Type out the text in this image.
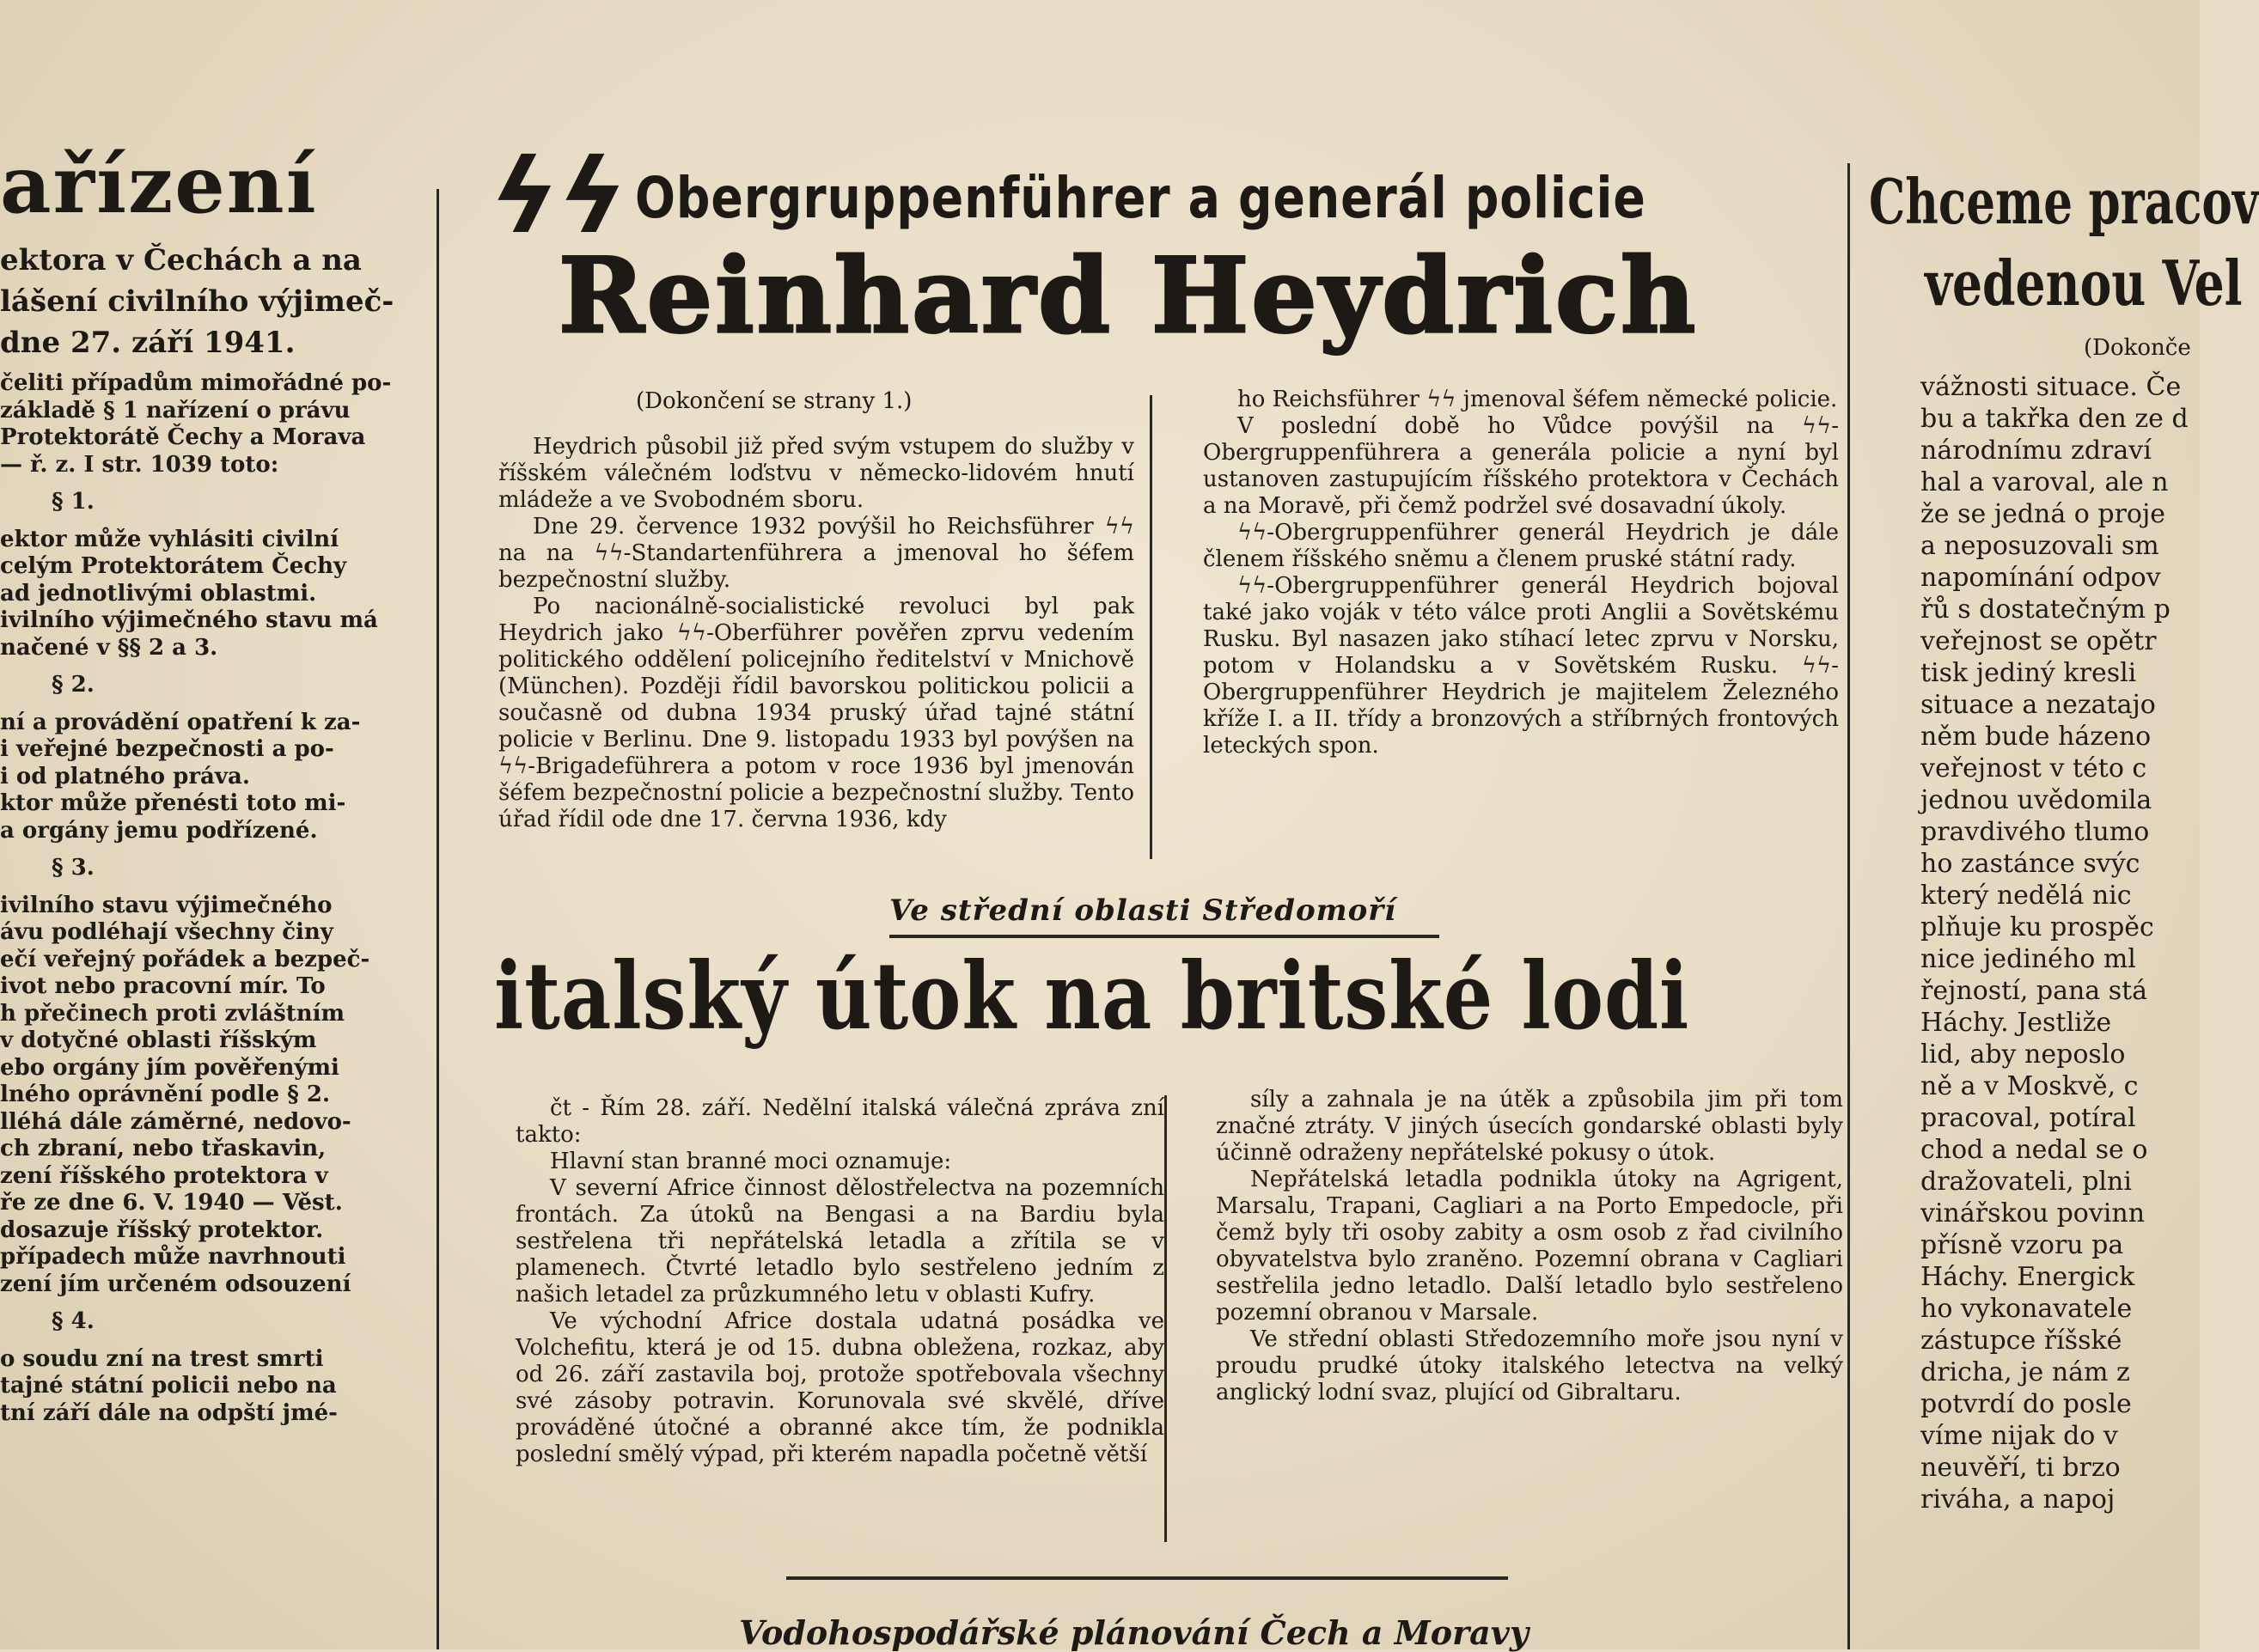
ařízení
ektora v Čechách a na
lášení civilního výjimeč-
dne 27. září 1941.
čeliti případům mimořádné po-
základě § 1 nařízení o právu
Protektorátě Čechy a Morava
— ř. z. I str. 1039 toto:
§ 1.
ektor může vyhlásiti civilní
celým Protektorátem Čechy
ad jednotlivými oblastmi.
ivilního výjimečného stavu má
načené v §§ 2 a 3.
§ 2.
ní a provádění opatření k za-
i veřejné bezpečnosti a po-
i od platného práva.
ktor může přenésti toto mi-
a orgány jemu podřízené.
§ 3.
ivilního stavu výjimečného
ávu podléhají všechny činy
ečí veřejný pořádek a bezpeč-
ivot nebo pracovní mír. To
h přečinech proti zvláštním
v dotyčné oblasti říšským
ebo orgány jím pověřenými
lného oprávnění podle § 2.
lléhá dále záměrné, nedovo-
ch zbraní, nebo třaskavin,
zení říšského protektora v
ře ze dne 6. V. 1940 — Věst.
dosazuje říšský protektor.
případech může navrhnouti
zení jím určeném odsouzení
§ 4.
o soudu zní na trest smrti
tajné státní policii nebo na
tní září dále na odpští jmé-
ϟϟ Obergruppenführer a generál policie
Reinhard Heydrich
(Dokončení se strany 1.)

Heydrich působil již před svým vstupem do služby v říšském válečném loďstvu v německo-lidovém hnutí mládeže a ve Svobodném sboru.

Dne 29. července 1932 povýšil ho Reichsführer ϟϟ na na ϟϟ-Standartenführera a jmenoval ho šéfem bezpečnostní služby.

Po nacionálně-socialistické revoluci byl pak Heydrich jako ϟϟ-Oberführer pověřen zprvu vedením politického oddělení policejního ředitelství v Mnichově (München). Později řídil bavorskou politickou policii a současně od dubna 1934 pruský úřad tajné státní policie v Berlinu. Dne 9. listopadu 1933 byl povýšen na ϟϟ-Brigadeführera a potom v roce 1936 byl jmenován šéfem bezpečnostní policie a bezpečnostní služby. Tento úřad řídil ode dne 17. června 1936, kdy

ho Reichsführer ϟϟ jmenoval šéfem německé policie.

V poslední době ho Vůdce povýšil na ϟϟ-Obergruppenführera a generála policie a nyní byl ustanoven zastupujícím říšského protektora v Čechách a na Moravě, při čemž podržel své dosavadní úkoly.

ϟϟ-Obergruppenführer generál Heydrich je dále členem říšského sněmu a členem pruské státní rady.

ϟϟ-Obergruppenführer generál Heydrich bojoval také jako voják v této válce proti Anglii a Sovětskému Rusku. Byl nasazen jako stíhací letec zprvu v Norsku, potom v Holandsku a v Sovětském Rusku. ϟϟ-Obergruppenführer Heydrich je majitelem Železného kříže I. a II. třídy a bronzových a stříbrných frontových leteckých spon.

Ve střední oblasti Středomoří
italský útok na britské lodi

čt - Řím 28. září. Nedělní italská válečná zpráva zní takto:

Hlavní stan branné moci oznamuje:

V severní Africe činnost dělostřelectva na pozemních frontách. Za útoků na Bengasi a na Bardiu byla sestřelena tři nepřátelská letadla a zřítila se v plamenech. Čtvrté letadlo bylo sestřeleno jedním z našich letadel za průzkumného letu v oblasti Kufry.

Ve východní Africe dostala udatná posádka ve Volchefitu, která je od 15. dubna obležena, rozkaz, aby od 26. září zastavila boj, protože spotřebovala všechny své zásoby potravin. Korunovala své skvělé, dříve prováděné útočné a obranné akce tím, že podnikla poslední smělý výpad, při kterém napadla početně větší

síly a zahnala je na útěk a způsobila jim při tom značné ztráty. V jiných úsecích gondarské oblasti byly účinně odraženy nepřátelské pokusy o útok.

Nepřátelská letadla podnikla útoky na Agrigent, Marsalu, Trapani, Cagliari a na Porto Empedocle, při čemž byly tři osoby zabity a osm osob z řad civilního obyvatelstva bylo zraněno. Pozemní obrana v Cagliari sestřelila jedno letadlo. Další letadlo bylo sestřeleno pozemní obranou v Marsale.

Ve střední oblasti Středozemního moře jsou nyní v proudu prudké útoky italského letectva na velký anglický lodní svaz, plující od Gibraltaru.

Vodohospodářské plánování Čech a Moravy
Chceme pracov
vedenou Vel
(Dokonče
vážnosti situace. Če
bu a takřka den ze d
národnímu zdraví
hal a varoval, ale n
že se jedná o proje
a neposuzovali sm
napomínání odpov
řů s dostatečným p
veřejnost se opětr
tisk jediný kresli
situace a nezatajo
něm bude házeno
veřejnost v této c
jednou uvědomila
pravdivého tlumo
ho zastánce svýc
který nedělá nic
plňuje ku prospěc
nice jediného ml
řejností, pana stá
Háchy. Jestliže
lid, aby neposlo
ně a v Moskvě, c
pracoval, potíral
chod a nedal se o
dražovateli, plni
vinářskou povinn
přísně vzoru pa
Háchy. Energick
ho vykonavatele
zástupce říšské
dricha, je nám z
potvrdí do posle
víme nijak do v
neuvěří, ti brzo
riváha, a napoj
